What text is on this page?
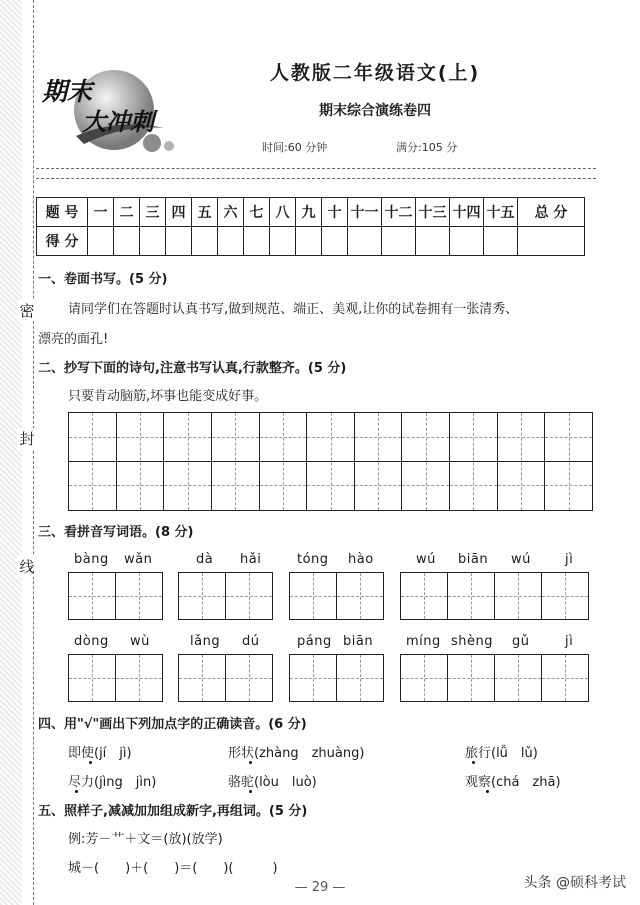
密
封
线
期末
大冲刺
人教版二年级语文(上)
期末综合演练卷四
时间:60 分钟	满分:105 分
题 号	一	二	三	四	五	六	七	八	九	十	十一	十二	十三	十四	十五	总 分
得 分																
一、卷面书写。(5 分)
请同学们在答题时认真书写,做到规范、端正、美观,让你的试卷拥有一张清秀、
漂亮的面孔!
二、抄写下面的诗句,注意书写认真,行款整齐。(5 分)
只要肯动脑筋,坏事也能变成好事。
三、看拼音写词语。(8 分)
bàng wǎn	dà hǎi	tóng hào	wú biān wú	jì
dòng wù	lǎng dú	páng biān	míng shèng gǔ	jì
四、用"√"画出下列加点字的正确读音。(6 分)
即使(jí　jì)	形状(zhàng　zhuàng)	旅行(lǚ　lǔ)
尽力(jìng　jìn)	骆驼(lòu　luò)	观察(chá　zhā)
五、照样子,减减加加组成新字,再组词。(5 分)
例:芳－艹＋文＝(放)(放学)
城－(　　)＋(　　)＝(　　)(　　　)
— 29 —	头条 @硕科考试
